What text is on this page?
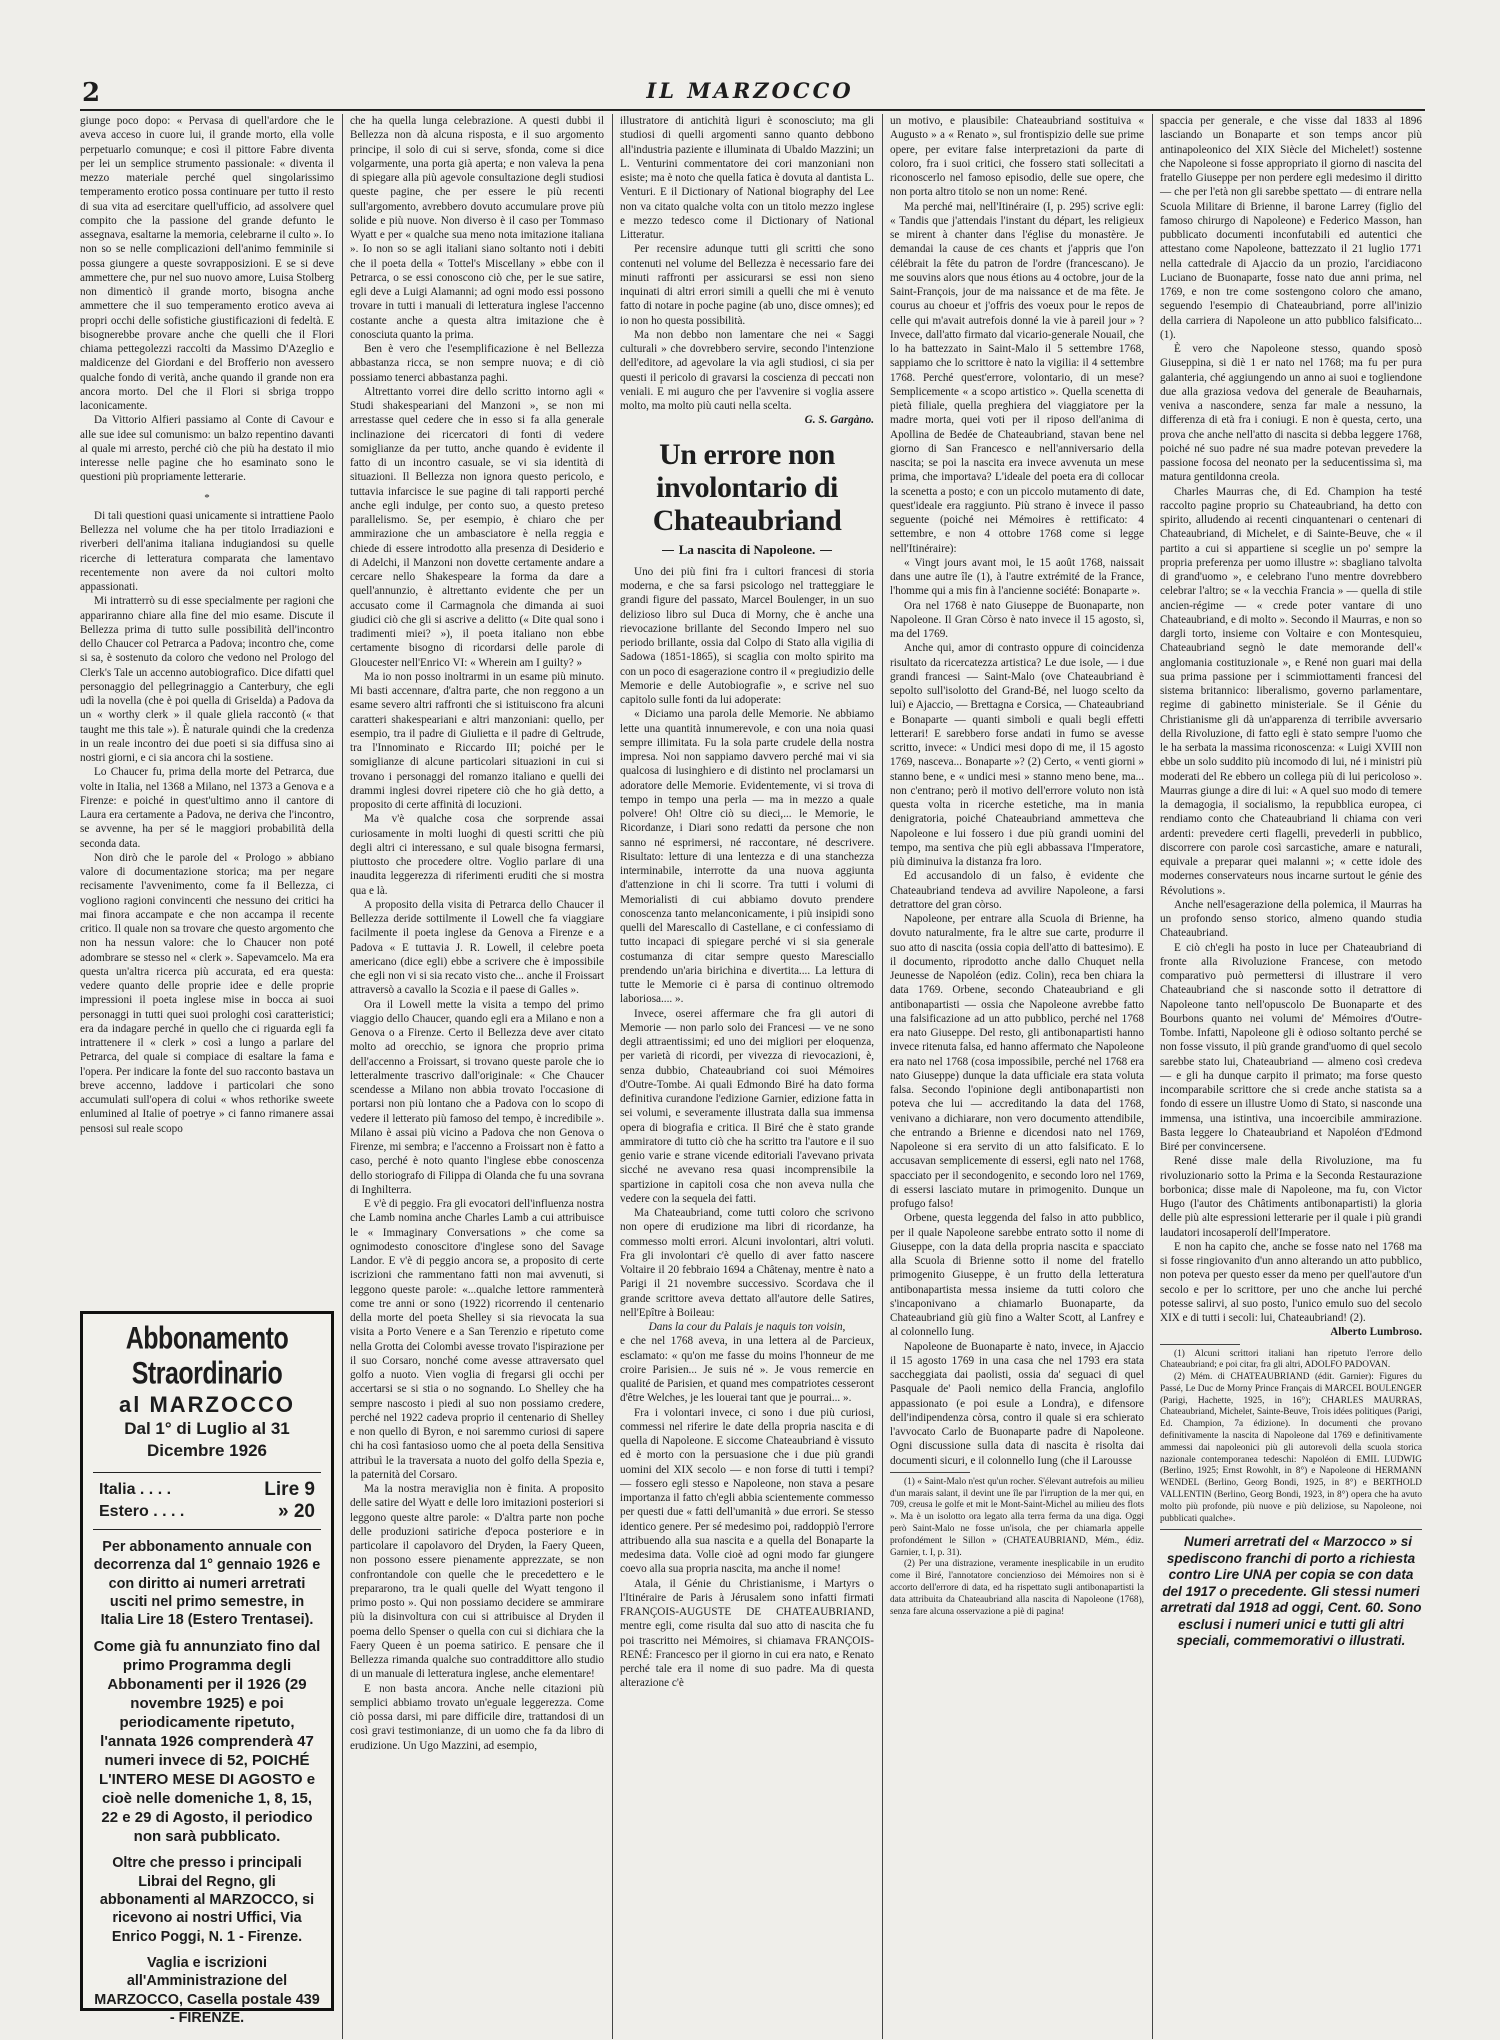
2	IL MARZOCCO

giunge poco dopo: « Pervasa di quell'ardore che le aveva acceso in cuore lui, il grande morto, ella volle perpetuarlo comunque; e così il pittore Fabre diventa per lei un semplice strumento passionale: « diventa il mezzo materiale perché quel singolarissimo temperamento erotico possa continuare per tutto il resto di sua vita ad esercitare quell'ufficio, ad assolvere quel compito che la passione del grande defunto le assegnava, esaltarne la memoria, celebrarne il culto ». Io non so se nelle complicazioni dell'animo femminile si possa giungere a queste sovrapposizioni. E se si deve ammettere che, pur nel suo nuovo amore, Luisa Stolberg non dimenticò il grande morto, bisogna anche ammettere che il suo temperamento erotico aveva ai propri occhi delle sofistiche giustificazioni di fedeltà. E bisognerebbe provare anche che quelli che il Flori chiama pettegolezzi raccolti da Massimo D'Azeglio e maldicenze del Giordani e del Brofferio non avessero qualche fondo di verità, anche quando il grande non era ancora morto. Del che il Flori si sbriga troppo laconicamente.

Da Vittorio Alfieri passiamo al Conte di Cavour e alle sue idee sul comunismo: un balzo repentino davanti al quale mi arresto, perché ciò che più ha destato il mio interesse nelle pagine che ho esaminato sono le questioni più propriamente letterarie.

*

Di tali questioni quasi unicamente si intrattiene Paolo Bellezza nel volume che ha per titolo Irradiazioni e riverberi dell'anima italiana indugiandosi su quelle ricerche di letteratura comparata che lamentavo recentemente non avere da noi cultori molto appassionati.

Mi intratterrò su di esse specialmente per ragioni che appariranno chiare alla fine del mio esame. Discute il Bellezza prima di tutto sulle possibilità dell'incontro dello Chaucer col Petrarca a Padova; incontro che, come si sa, è sostenuto da coloro che vedono nel Prologo del Clerk's Tale un accenno autobiografico. Dice difatti quel personaggio del pellegrinaggio a Canterbury, che egli udì la novella (che è poi quella di Griselda) a Padova da un « worthy clerk » il quale gliela raccontò (« that taught me this tale »). È naturale quindi che la credenza in un reale incontro dei due poeti si sia diffusa sino ai nostri giorni, e ci sia ancora chi la sostiene.

Lo Chaucer fu, prima della morte del Petrarca, due volte in Italia, nel 1368 a Milano, nel 1373 a Genova e a Firenze: e poiché in quest'ultimo anno il cantore di Laura era certamente a Padova, ne deriva che l'incontro, se avvenne, ha per sé le maggiori probabilità della seconda data.

Non dirò che le parole del « Prologo » abbiano valore di documentazione storica; ma per negare recisamente l'avvenimento, come fa il Bellezza, ci vogliono ragioni convincenti che nessuno dei critici ha mai finora accampate e che non accampa il recente critico. Il quale non sa trovare che questo argomento che non ha nessun valore: che lo Chaucer non poté adombrare se stesso nel « clerk ». Sapevamcelo. Ma era questa un'altra ricerca più accurata, ed era questa: vedere quanto delle proprie idee e delle proprie impressioni il poeta inglese mise in bocca ai suoi personaggi in tutti quei suoi prologhi così caratteristici; era da indagare perché in quello che ci riguarda egli fa intrattenere il « clerk » così a lungo a parlare del Petrarca, del quale si compiace di esaltare la fama e l'opera. Per indicare la fonte del suo racconto bastava un breve accenno, laddove i particolari che sono accumulati sull'opera di colui « whos rethorike sweete enlumined al Italie of poetrye » ci fanno rimanere assai pensosi sul reale scopo

Abbonamento Straordinario
al MARZOCCO
Dal 1° di Luglio al 31 Dicembre 1926
Italia . . . .	Lire 9
Estero . . . .	» 20
Per abbonamento annuale con decorrenza dal 1° gennaio 1926 e con diritto ai numeri arretrati usciti nel primo semestre, in Italia Lire 18 (Estero Trentasei).
Come già fu annunziato fino dal primo Programma degli Abbonamenti per il 1926 (29 novembre 1925) e poi periodicamente ripetuto, l'annata 1926 comprenderà 47 numeri invece di 52, POICHÉ L'INTERO MESE DI AGOSTO e cioè nelle domeniche 1, 8, 15, 22 e 29 di Agosto, il periodico non sarà pubblicato.
Oltre che presso i principali Librai del Regno, gli abbonamenti al MARZOCCO, si ricevono ai nostri Uffici, Via Enrico Poggi, N. 1 - Firenze.
Vaglia e iscrizioni all'Amministrazione del MARZOCCO, Casella postale 439 - FIRENZE.

che ha quella lunga celebrazione. A questi dubbi il Bellezza non dà alcuna risposta, e il suo argomento principe, il solo di cui si serve, sfonda, come si dice volgarmente, una porta già aperta; e non valeva la pena di spiegare alla più agevole consultazione degli studiosi queste pagine, che per essere le più recenti sull'argomento, avrebbero dovuto accumulare prove più solide e più nuove. Non diverso è il caso per Tommaso Wyatt e per « qualche sua meno nota imitazione italiana ». Io non so se agli italiani siano soltanto noti i debiti che il poeta della « Tottel's Miscellany » ebbe con il Petrarca, o se essi conoscono ciò che, per le sue satire, egli deve a Luigi Alamanni; ad ogni modo essi possono trovare in tutti i manuali di letteratura inglese l'accenno costante anche a questa altra imitazione che è conosciuta quanto la prima.

Ben è vero che l'esemplificazione è nel Bellezza abbastanza ricca, se non sempre nuova; e di ciò possiamo tenerci abbastanza paghi.

Altrettanto vorrei dire dello scritto intorno agli « Studi shakespeariani del Manzoni », se non mi arrestasse quel cedere che in esso si fa alla generale inclinazione dei ricercatori di fonti di vedere somiglianze da per tutto, anche quando è evidente il fatto di un incontro casuale, se vi sia identità di situazioni. Il Bellezza non ignora questo pericolo, e tuttavia infarcisce le sue pagine di tali rapporti perché anche egli indulge, per conto suo, a questo preteso parallelismo. Se, per esempio, è chiaro che per ammirazione che un ambasciatore è nella reggia e chiede di essere introdotto alla presenza di Desiderio e di Adelchi, il Manzoni non dovette certamente andare a cercare nello Shakespeare la forma da dare a quell'annunzio, è altrettanto evidente che per un accusato come il Carmagnola che dimanda ai suoi giudici ciò che gli si ascrive a delitto (« Dite qual sono i tradimenti miei? »), il poeta italiano non ebbe certamente bisogno di ricordarsi delle parole di Gloucester nell'Enrico VI: « Wherein am I guilty? »

Ma io non posso inoltrarmi in un esame più minuto. Mi basti accennare, d'altra parte, che non reggono a un esame severo altri raffronti che si istituiscono fra alcuni caratteri shakespeariani e altri manzoniani: quello, per esempio, tra il padre di Giulietta e il padre di Geltrude, tra l'Innominato e Riccardo III; poiché per le somiglianze di alcune particolari situazioni in cui si trovano i personaggi del romanzo italiano e quelli dei drammi inglesi dovrei ripetere ciò che ho già detto, a proposito di certe affinità di locuzioni.

Ma v'è qualche cosa che sorprende assai curiosamente in molti luoghi di questi scritti che più degli altri ci interessano, e sul quale bisogna fermarsi, piuttosto che procedere oltre. Voglio parlare di una inaudita leggerezza di riferimenti eruditi che si mostra qua e là.

A proposito della visita di Petrarca dello Chaucer il Bellezza deride sottilmente il Lowell che fa viaggiare facilmente il poeta inglese da Genova a Firenze e a Padova « E tuttavia J. R. Lowell, il celebre poeta americano (dice egli) ebbe a scrivere che è impossibile che egli non vi si sia recato visto che... anche il Froissart attraversò a cavallo la Scozia e il paese di Galles ».

Ora il Lowell mette la visita a tempo del primo viaggio dello Chaucer, quando egli era a Milano e non a Genova o a Firenze. Certo il Bellezza deve aver citato molto ad orecchio, se ignora che proprio prima dell'accenno a Froissart, si trovano queste parole che io letteralmente trascrivo dall'originale: « Che Chaucer scendesse a Milano non abbia trovato l'occasione di portarsi non più lontano che a Padova con lo scopo di vedere il letterato più famoso del tempo, è incredibile ». Milano è assai più vicino a Padova che non Genova o Firenze, mi sembra; e l'accenno a Froissart non è fatto a caso, perché è noto quanto l'inglese ebbe conoscenza dello storiografo di Filippa di Olanda che fu una sovrana di Inghilterra.

E v'è di peggio. Fra gli evocatori dell'influenza nostra che Lamb nomina anche Charles Lamb a cui attribuisce le « Immaginary Conversations » che come sa ognimodesto conoscitore d'inglese sono del Savage Landor. E v'è di peggio ancora se, a proposito di certe iscrizioni che rammentano fatti non mai avvenuti, si leggono queste parole: «...qualche lettore rammenterà come tre anni or sono (1922) ricorrendo il centenario della morte del poeta Shelley si sia rievocata la sua visita a Porto Venere e a San Terenzio e ripetuto come nella Grotta dei Colombi avesse trovato l'ispirazione per il suo Corsaro, nonché come avesse attraversato quel golfo a nuoto. Vien voglia di fregarsi gli occhi per accertarsi se si stia o no sognando. Lo Shelley che ha sempre nascosto i piedi al suo non possiamo credere, perché nel 1922 cadeva proprio il centenario di Shelley e non quello di Byron, e noi saremmo curiosi di sapere chi ha così fantasioso uomo che al poeta della Sensitiva attribuì le la traversata a nuoto del golfo della Spezia e, la paternità del Corsaro.

Ma la nostra meraviglia non è finita. A proposito delle satire del Wyatt e delle loro imitazioni posteriori si leggono queste altre parole: « D'altra parte non poche delle produzioni satiriche d'epoca posteriore e in particolare il capolavoro del Dryden, la Faery Queen, non possono essere pienamente apprezzate, se non confrontandole con quelle che le precedettero e le prepararono, tra le quali quelle del Wyatt tengono il primo posto ». Qui non possiamo decidere se ammirare più la disinvoltura con cui si attribuisce al Dryden il poema dello Spenser o quella con cui si dichiara che la Faery Queen è un poema satirico. E pensare che il Bellezza rimanda qualche suo contraddittore allo studio di un manuale di letteratura inglese, anche elementare!

E non basta ancora. Anche nelle citazioni più semplici abbiamo trovato un'eguale leggerezza. Come ciò possa darsi, mi pare difficile dire, trattandosi di un così gravi testimonianze, di un uomo che fa da libro di erudizione. Un Ugo Mazzini, ad esempio,

illustratore di antichità liguri è sconosciuto; ma gli studiosi di quelli argomenti sanno quanto debbono all'industria paziente e illuminata di Ubaldo Mazzini; un L. Venturini commentatore dei cori manzoniani non esiste; ma è noto che quella fatica è dovuta al dantista L. Venturi. E il Dictionary of National biography del Lee non va citato qualche volta con un titolo mezzo inglese e mezzo tedesco come il Dictionary of National Litteratur.

Per recensire adunque tutti gli scritti che sono contenuti nel volume del Bellezza è necessario fare dei minuti raffronti per assicurarsi se essi non sieno inquinati di altri errori simili a quelli che mi è venuto fatto di notare in poche pagine (ab uno, disce omnes); ed io non ho questa possibilità.

Ma non debbo non lamentare che nei « Saggi culturali » che dovrebbero servire, secondo l'intenzione dell'editore, ad agevolare la via agli studiosi, ci sia per questi il pericolo di gravarsi la coscienza di peccati non veniali. E mi auguro che per l'avvenire si voglia assere molto, ma molto più cauti nella scelta.

G. S. Gargàno.

Un errore non involontario di Chateaubriand
La nascita di Napoleone.

Uno dei più fini fra i cultori francesi di storia moderna, e che sa farsi psicologo nel tratteggiare le grandi figure del passato, Marcel Boulenger, in un suo delizioso libro sul Duca di Morny, che è anche una rievocazione brillante del Secondo Impero nel suo periodo brillante, ossia dal Colpo di Stato alla vigilia di Sadowa (1851-1865), si scaglia con molto spirito ma con un poco di esagerazione contro il « pregiudizio delle Memorie e delle Autobiografie », e scrive nel suo capitolo sulle fonti da lui adoperate:

« Diciamo una parola delle Memorie. Ne abbiamo lette una quantità innumerevole, e con una noia quasi sempre illimitata. Fu la sola parte crudele della nostra impresa. Noi non sappiamo davvero perché mai vi sia qualcosa di lusinghiero e di distinto nel proclamarsi un adoratore delle Memorie. Evidentemente, vi si trova di tempo in tempo una perla — ma in mezzo a quale polvere! Oh! Oltre ciò su dieci,... le Memorie, le Ricordanze, i Diari sono redatti da persone che non sanno né esprimersi, né raccontare, né descrivere. Risultato: letture di una lentezza e di una stanchezza interminabile, interrotte da una nuova aggiunta d'attenzione in chi li scorre. Tra tutti i volumi di Memorialisti di cui abbiamo dovuto prendere conoscenza tanto melanconicamente, i più insipidi sono quelli del Marescallo di Castellane, e ci confessiamo di tutto incapaci di spiegare perché vi si sia generale costumanza di citar sempre questo Maresciallo prendendo un'aria birichina e divertita.... La lettura di tutte le Memorie ci è parsa di continuo oltremodo laboriosa.... ».

Invece, oserei affermare che fra gli autori di Memorie — non parlo solo dei Francesi — ve ne sono degli attraentissimi; ed uno dei migliori per eloquenza, per varietà di ricordi, per vivezza di rievocazioni, è, senza dubbio, Chateaubriand coi suoi Mémoires d'Outre-Tombe. Ai quali Edmondo Biré ha dato forma definitiva curandone l'edizione Garnier, edizione fatta in sei volumi, e severamente illustrata dalla sua immensa opera di biografia e critica. Il Biré che è stato grande ammiratore di tutto ciò che ha scritto tra l'autore e il suo genio varie e strane vicende editoriali l'avevano privata sicché ne avevano resa quasi incomprensibile la spartizione in capitoli cosa che non aveva nulla che vedere con la sequela dei fatti.

Ma Chateaubriand, come tutti coloro che scrivono non opere di erudizione ma libri di ricordanze, ha commesso molti errori. Alcuni involontari, altri voluti. Fra gli involontari c'è quello di aver fatto nascere Voltaire il 20 febbraio 1694 a Châtenay, mentre è nato a Parigi il 21 novembre successivo. Scordava che il grande scrittore aveva dettato all'autore delle Satires, nell'Epître à Boileau:

Dans la cour du Palais je naquis ton voisin,

e che nel 1768 aveva, in una lettera al de Parcieux, esclamato: « qu'on me fasse du moins l'honneur de me croire Parisien... Je suis né ». Je vous remercie en qualité de Parisien, et quand mes compatriotes cesseront d'être Welches, je les louerai tant que je pourrai... ».

Fra i volontari invece, ci sono i due più curiosi, commessi nel riferire le date della propria nascita e di quella di Napoleone. E siccome Chateaubriand è vissuto ed è morto con la persuasione che i due più grandi uomini del XIX secolo — e non forse di tutti i tempi? — fossero egli stesso e Napoleone, non stava a pesare importanza il fatto ch'egli abbia scientemente commesso per questi due « fatti dell'umanità » due errori. Se stesso identico genere. Per sé medesimo poi, raddoppiò l'errore attribuendo alla sua nascita e a quella del Bonaparte la medesima data. Volle cioè ad ogni modo far giungere coevo alla sua propria nascita, ma anche il nome!

Atala, il Génie du Christianisme, i Martyrs o l'Itinéraire de Paris à Jérusalem sono infatti firmati FRANÇOIS-AUGUSTE DE CHATEAUBRIAND, mentre egli, come risulta dal suo atto di nascita che fu poi trascritto nei Mémoires, si chiamava FRANÇOIS-RENÉ: Francesco per il giorno in cui era nato, e Renato perché tale era il nome di suo padre. Ma di questa alterazione c'è

un motivo, e plausibile: Chateaubriand sostituiva « Augusto » a « Renato », sul frontispizio delle sue prime opere, per evitare false interpretazioni da parte di coloro, fra i suoi critici, che fossero stati sollecitati a riconoscerlo nel famoso episodio, delle sue opere, che non porta altro titolo se non un nome: René.

Ma perché mai, nell'Itinéraire (I, p. 295) scrive egli: « Tandis que j'attendais l'instant du départ, les religieux se mirent à chanter dans l'église du monastère. Je demandai la cause de ces chants et j'appris que l'on célébrait la fête du patron de l'ordre (francescano). Je me souvins alors que nous étions au 4 octobre, jour de la Saint-François, jour de ma naissance et de ma fête. Je courus au choeur et j'offris des voeux pour le repos de celle qui m'avait autrefois donné la vie à pareil jour » ? Invece, dall'atto firmato dal vicario-generale Nouail, che lo ha battezzato in Saint-Malo il 5 settembre 1768, sappiamo che lo scrittore è nato la vigilia: il 4 settembre 1768. Perché quest'errore, volontario, di un mese? Semplicemente « a scopo artistico ». Quella scenetta di pietà filiale, quella preghiera del viaggiatore per la madre morta, quei voti per il riposo dell'anima di Apollina de Bedée de Chateaubriand, stavan bene nel giorno di San Francesco e nell'anniversario della nascita; se poi la nascita era invece avvenuta un mese prima, che importava? L'ideale del poeta era di collocar la scenetta a posto; e con un piccolo mutamento di date, quest'ideale era raggiunto. Più strano è invece il passo seguente (poiché nei Mémoires è rettificato: 4 settembre, e non 4 ottobre 1768 come si legge nell'Itinéraire):

« Vingt jours avant moi, le 15 août 1768, naissait dans une autre île (1), à l'autre extrémité de la France, l'homme qui a mis fin à l'ancienne société: Bonaparte ».

Ora nel 1768 è nato Giuseppe de Buonaparte, non Napoleone. Il Gran Còrso è nato invece il 15 agosto, sì, ma del 1769.

Anche qui, amor di contrasto oppure di coincidenza risultato da ricercatezza artistica? Le due isole, — i due grandi francesi — Saint-Malo (ove Chateaubriand è sepolto sull'isolotto del Grand-Bé, nel luogo scelto da lui) e Ajaccio, — Brettagna e Corsica, — Chateaubriand e Bonaparte — quanti simboli e quali begli effetti letterari! E sarebbero forse andati in fumo se avesse scritto, invece: « Undici mesi dopo di me, il 15 agosto 1769, nasceva... Bonaparte »? (2) Certo, « venti giorni » stanno bene, e « undici mesi » stanno meno bene, ma... non c'entrano; però il motivo dell'errore voluto non istà questa volta in ricerche estetiche, ma in mania denigratoria, poiché Chateaubriand ammetteva che Napoleone e lui fossero i due più grandi uomini del tempo, ma sentiva che più egli abbassava l'Imperatore, più diminuiva la distanza fra loro.

Ed accusandolo di un falso, è evidente che Chateaubriand tendeva ad avvilire Napoleone, a farsi detrattore del gran còrso.

Napoleone, per entrare alla Scuola di Brienne, ha dovuto naturalmente, fra le altre sue carte, produrre il suo atto di nascita (ossia copia dell'atto di battesimo). E il documento, riprodotto anche dallo Chuquet nella Jeunesse de Napoléon (ediz. Colin), reca ben chiara la data 1769. Orbene, secondo Chateaubriand e gli antibonapartisti — ossia che Napoleone avrebbe fatto una falsificazione ad un atto pubblico, perché nel 1768 era nato Giuseppe. Del resto, gli antibonapartisti hanno invece ritenuta falsa, ed hanno affermato che Napoleone era nato nel 1768 (cosa impossibile, perché nel 1768 era nato Giuseppe) dunque la data ufficiale era stata voluta falsa. Secondo l'opinione degli antibonapartisti non poteva che lui — accreditando la data del 1768, venivano a dichiarare, non vero documento attendibile, che entrando a Brienne e dicendosi nato nel 1769, Napoleone si era servito di un atto falsificato. E lo accusavan semplicemente di essersi, egli nato nel 1768, spacciato per il secondogenito, e secondo loro nel 1769, di essersi lasciato mutare in primogenito. Dunque un profugo falso!

Orbene, questa leggenda del falso in atto pubblico, per il quale Napoleone sarebbe entrato sotto il nome di Giuseppe, con la data della propria nascita e spacciato alla Scuola di Brienne sotto il nome del fratello primogenito Giuseppe, è un frutto della letteratura antibonapartista messa insieme da tutti coloro che s'incaponivano a chiamarlo Buonaparte, da Chateaubriand giù giù fino a Walter Scott, al Lanfrey e al colonnello Iung.

Napoleone de Buonaparte è nato, invece, in Ajaccio il 15 agosto 1769 in una casa che nel 1793 era stata saccheggiata dai paolisti, ossia da' seguaci di quel Pasquale de' Paoli nemico della Francia, anglofilo appassionato (e poi esule a Londra), e difensore dell'indipendenza còrsa, contro il quale si era schierato l'avvocato Carlo de Buonaparte padre di Napoleone. Ogni discussione sulla data di nascita è risolta dai documenti sicuri, e il colonnello Iung (che il Larousse

(1) « Saint-Malo n'est qu'un rocher. S'élevant autrefois au milieu d'un marais salant, il devint une île par l'irruption de la mer qui, en 709, creusa le golfe et mit le Mont-Saint-Michel au milieu des flots ». Ma è un isolotto ora legato alla terra ferma da una diga. Oggi però Saint-Malo ne fosse un'isola, che per chiamarla appelle profondément le Sillon » (CHATEAUBRIAND, Mém., édiz. Garnier, t. I, p. 31).

(2) Per una distrazione, veramente inesplicabile in un erudito come il Biré, l'annotatore concienzioso dei Mémoires non si è accorto dell'errore di data, ed ha rispettato sugli antibonapartisti la data attribuita da Chateaubriand alla nascita di Napoleone (1768), senza fare alcuna osservazione a piè di pagina!

spaccia per generale, e che visse dal 1833 al 1896 lasciando un Bonaparte et son temps ancor più antinapoleonico del XIX Siècle del Michelet!) sostenne che Napoleone si fosse appropriato il giorno di nascita del fratello Giuseppe per non perdere egli medesimo il diritto — che per l'età non gli sarebbe spettato — di entrare nella Scuola Militare di Brienne, il barone Larrey (figlio del famoso chirurgo di Napoleone) e Federico Masson, han pubblicato documenti inconfutabili ed autentici che attestano come Napoleone, battezzato il 21 luglio 1771 nella cattedrale di Ajaccio da un prozio, l'arcidiacono Luciano de Buonaparte, fosse nato due anni prima, nel 1769, e non tre come sostengono coloro che amano, seguendo l'esempio di Chateaubriand, porre all'inizio della carriera di Napoleone un atto pubblico falsificato...(1).

È vero che Napoleone stesso, quando sposò Giuseppina, si diè 1 er nato nel 1768; ma fu per pura galanteria, ché aggiungendo un anno ai suoi e togliendone due alla graziosa vedova del generale de Beauharnais, veniva a nascondere, senza far male a nessuno, la differenza di età fra i coniugi. E non è questa, certo, una prova che anche nell'atto di nascita si debba leggere 1768, poiché né suo padre né sua madre potevan prevedere la passione focosa del neonato per la seducentissima sì, ma matura gentildonna creola.

Charles Maurras che, di Ed. Champion ha testé raccolto pagine proprio su Chateaubriand, ha detto con spirito, alludendo ai recenti cinquantenari o centenari di Chateaubriand, di Michelet, e di Sainte-Beuve, che « il partito a cui si appartiene si sceglie un po' sempre la propria preferenza per uomo illustre »: sbagliano talvolta di grand'uomo », e celebrano l'uno mentre dovrebbero celebrar l'altro; se « la vecchia Francia » — quella di stile ancien-régime — « crede poter vantare di uno Chateaubriand, e di molto ». Secondo il Maurras, e non so dargli torto, insieme con Voltaire e con Montesquieu, Chateaubriand segnò le date memorande dell'« anglomania costituzionale », e René non guari mai della sua prima passione per i scimmiottamenti francesi del sistema britannico: liberalismo, governo parlamentare, regime di gabinetto ministeriale. Se il Génie du Christianisme gli dà un'apparenza di terribile avversario della Rivoluzione, di fatto egli è stato sempre l'uomo che le ha serbata la massima riconoscenza: « Luigi XVIII non ebbe un solo suddito più incomodo di lui, né i ministri più moderati del Re ebbero un collega più di lui pericoloso ». Maurras giunge a dire di lui: « A quel suo modo di temere la demagogia, il socialismo, la repubblica europea, ci rendiamo conto che Chateaubriand li chiama con veri ardenti: prevedere certi flagelli, prevederli in pubblico, discorrere con parole così sarcastiche, amare e naturali, equivale a preparar quei malanni »; « cette idole des modernes conservateurs nous incarne surtout le génie des Révolutions ».

Anche nell'esagerazione della polemica, il Maurras ha un profondo senso storico, almeno quando studia Chateaubriand.

E ciò ch'egli ha posto in luce per Chateaubriand di fronte alla Rivoluzione Francese, con metodo comparativo può permettersi di illustrare il vero Chateaubriand che si nasconde sotto il detrattore di Napoleone tanto nell'opuscolo De Buonaparte et des Bourbons quanto nei volumi de' Mémoires d'Outre-Tombe. Infatti, Napoleone gli è odioso soltanto perché se non fosse vissuto, il più grande grand'uomo di quel secolo sarebbe stato lui, Chateaubriand — almeno così credeva — e gli ha dunque carpito il primato; ma forse questo incomparabile scrittore che si crede anche statista sa a fondo di essere un illustre Uomo di Stato, si nasconde una immensa, una istintiva, una incoercibile ammirazione. Basta leggere lo Chateaubriand et Napoléon d'Edmond Biré per convincersene.

René disse male della Rivoluzione, ma fu rivoluzionario sotto la Prima e la Seconda Restaurazione borbonica; disse male di Napoleone, ma fu, con Victor Hugo (l'autor des Châtiments antibonapartisti) la gloria delle più alte espressioni letterarie per il quale i più grandi laudatori incosaperolí dell'Imperatore.

E non ha capito che, anche se fosse nato nel 1768 ma si fosse ringiovanito d'un anno alterando un atto pubblico, non poteva per questo esser da meno per quell'autore d'un secolo e per lo scrittore, per uno che anche lui perché potesse salirvi, al suo posto, l'unico emulo suo del secolo XIX e di tutti i secoli: lui, Chateaubriand! (2).

Alberto Lumbroso.

(1) Alcuni scrittori italiani han ripetuto l'errore dello Chateaubriand; e poi citar, fra gli altri, ADOLFO PADOVAN.

(2) Mém. di CHATEAUBRIAND (édit. Garnier): Figures du Passé, Le Duc de Morny Prince Français di MARCEL BOULENGER (Parigi, Hachette, 1925, in 16°); CHARLES MAURRAS, Chateaubriand, Michelet, Sainte-Beuve, Trois idées politiques (Parigi, Ed. Champion, 7a édizione). In documenti che provano definitivamente la nascita di Napoleone dal 1769 e definitivamente ammessi dai napoleonici più gli autorevoli della scuola storica nazionale contemporanea tedeschi: Napoléon di EMIL LUDWIG (Berlino, 1925; Ernst Rowohlt, in 8°) e Napoleone di HERMANN WENDEL (Berlino, Georg Bondi, 1925, in 8°) e BERTHOLD VALLENTIN (Berlino, Georg Bondi, 1923, in 8°) opera che ha avuto molto più profonde, più nuove e più deliziose, su Napoleone, noi pubblicati qualche».

Numeri arretrati del « Marzocco » si spediscono franchi di porto a richiesta contro Lire UNA per copia se con data del 1917 o precedente. Gli stessi numeri arretrati dal 1918 ad oggi, Cent. 60. Sono esclusi i numeri unici e tutti gli altri speciali, commemorativi o illustrati.
